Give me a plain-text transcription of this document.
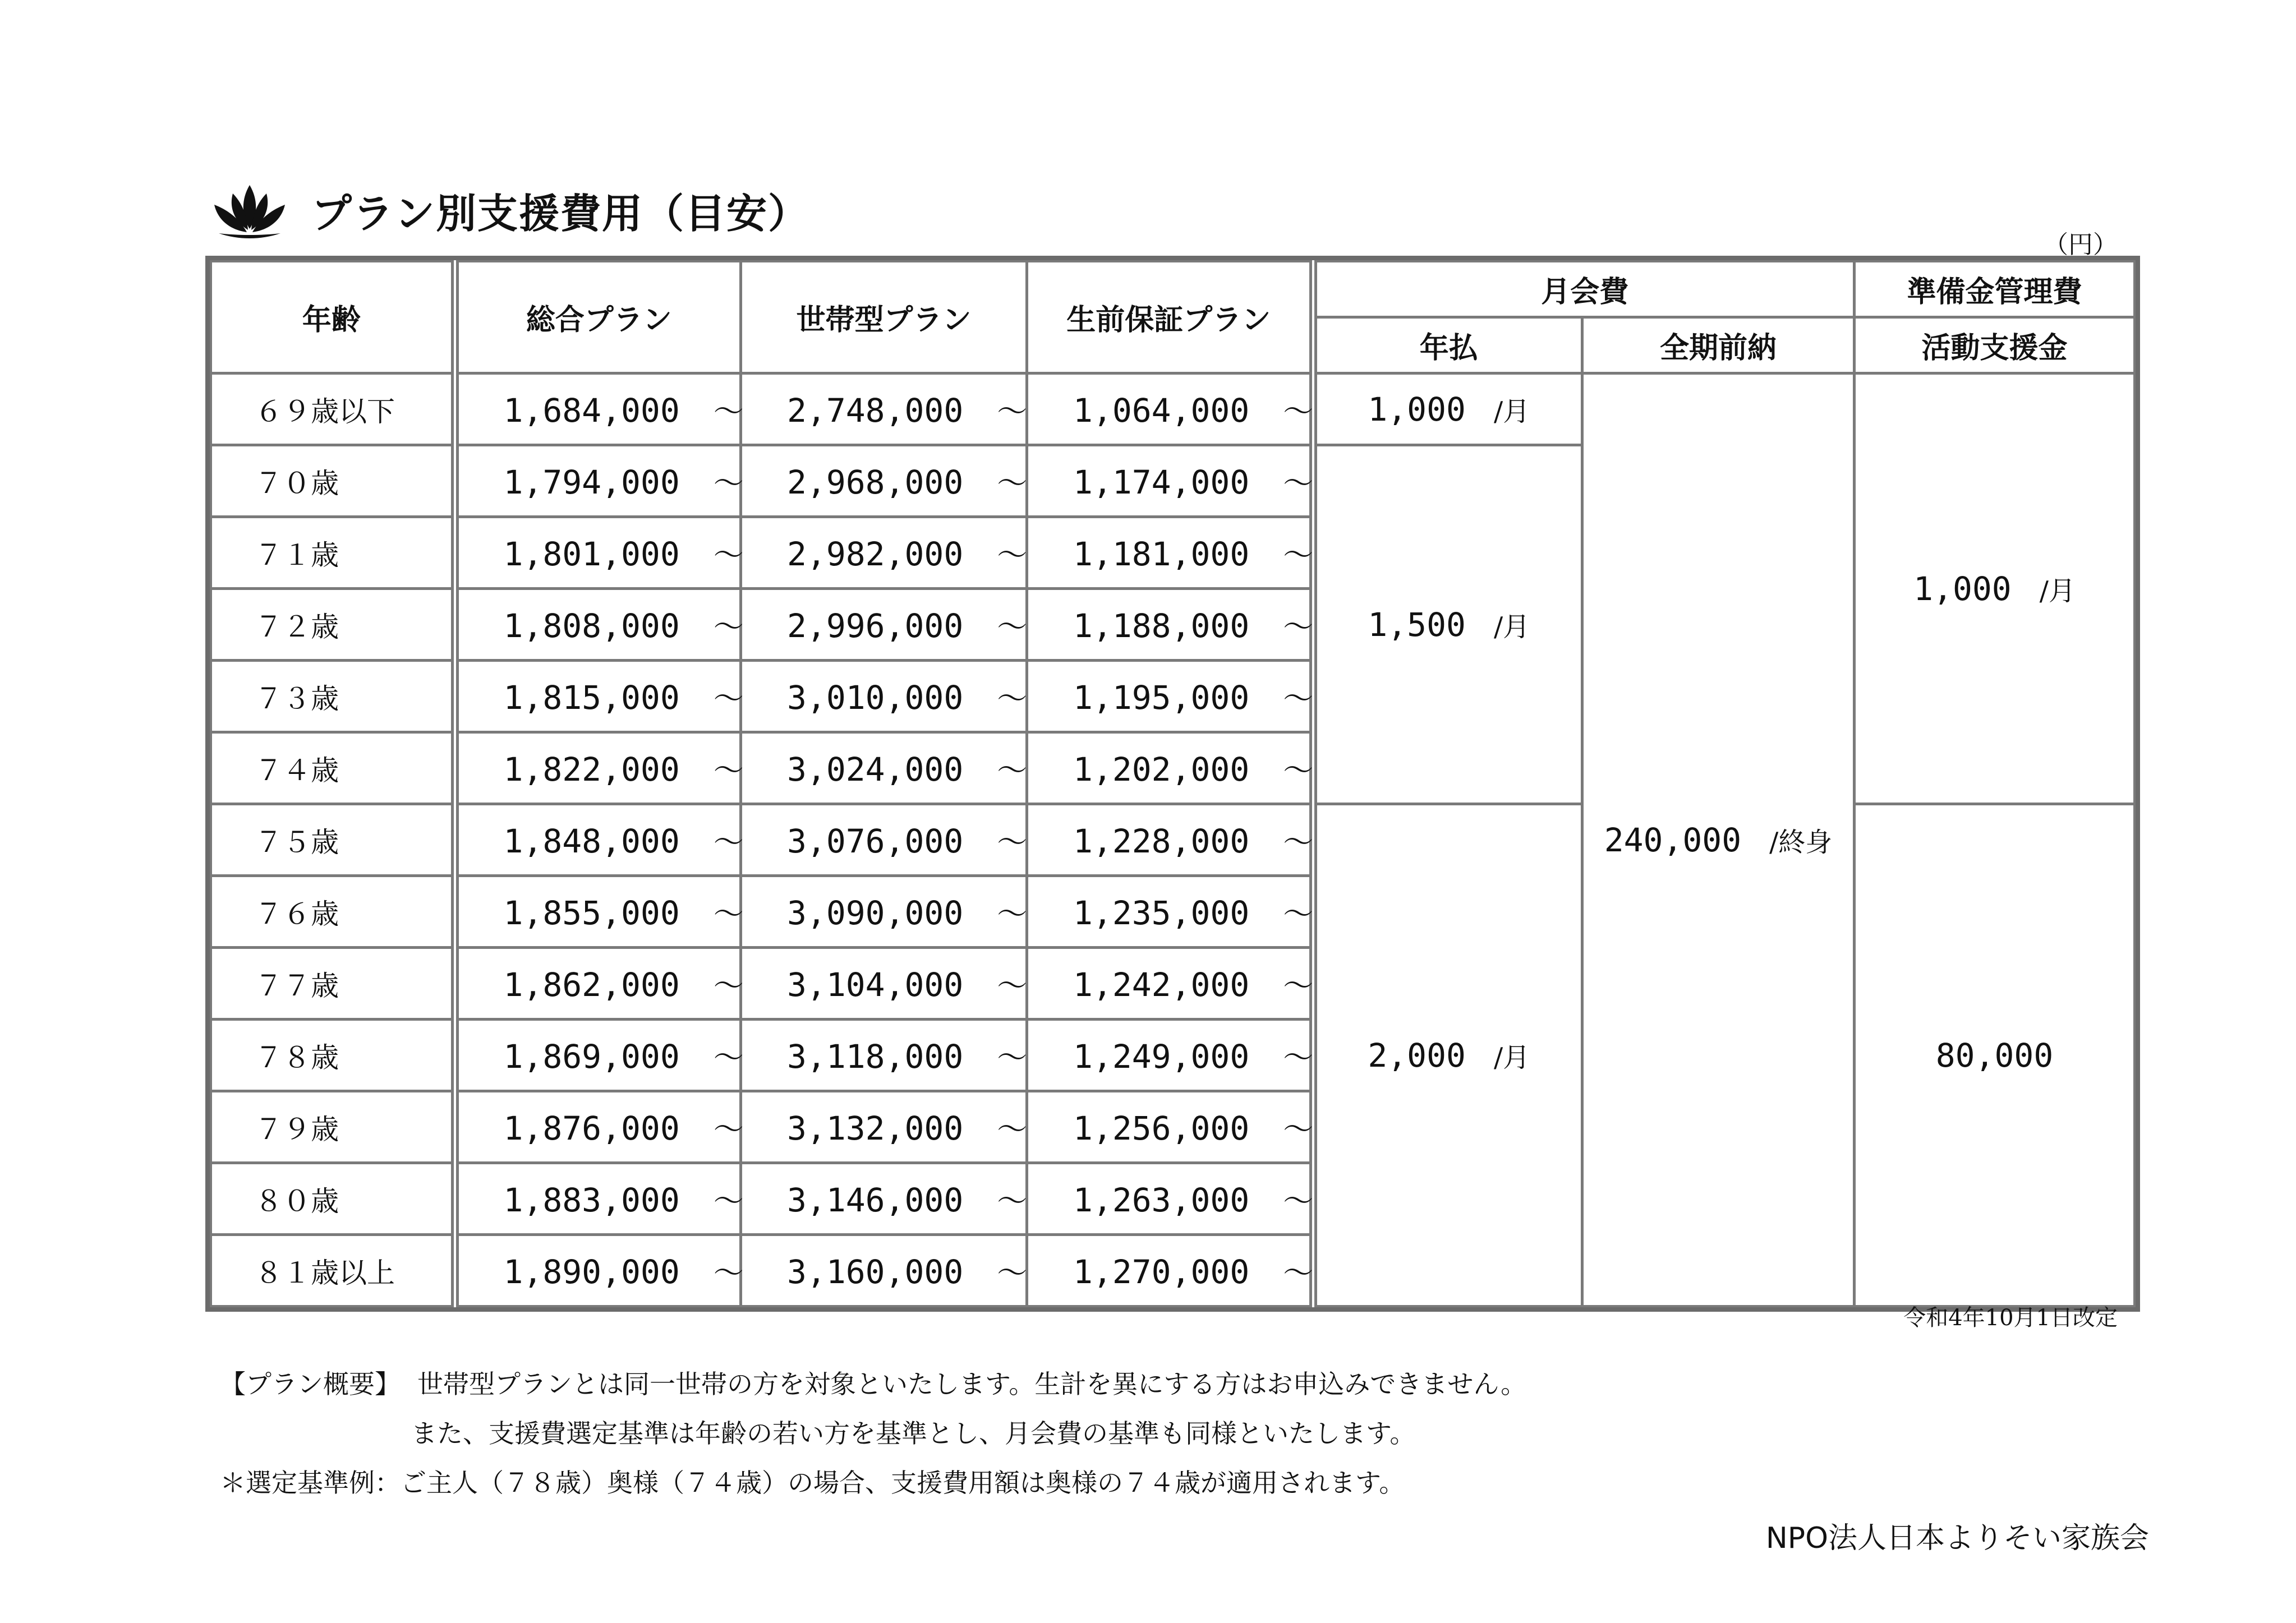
プラン別支援費用（目安）
（円）
年齢	総合プラン	世帯型プラン	生前保証プラン	月会費		準備金管理費
				年払	全期前納	活動支援金
６９歳以下	1,684,000 ～	2,748,000 ～	1,064,000 ～	1,000 /月	240,000 /終身	1,000 /月
７０歳	1,794,000 ～	2,968,000 ～	1,174,000 ～	1,500 /月		
７１歳	1,801,000 ～	2,982,000 ～	1,181,000 ～			
７２歳	1,808,000 ～	2,996,000 ～	1,188,000 ～			
７３歳	1,815,000 ～	3,010,000 ～	1,195,000 ～			
７４歳	1,822,000 ～	3,024,000 ～	1,202,000 ～			
７５歳	1,848,000 ～	3,076,000 ～	1,228,000 ～	2,000 /月		80,000
７６歳	1,855,000 ～	3,090,000 ～	1,235,000 ～			
７７歳	1,862,000 ～	3,104,000 ～	1,242,000 ～			
７８歳	1,869,000 ～	3,118,000 ～	1,249,000 ～			
７９歳	1,876,000 ～	3,132,000 ～	1,256,000 ～			
８０歳	1,883,000 ～	3,146,000 ～	1,263,000 ～			
８１歳以上	1,890,000 ～	3,160,000 ～	1,270,000 ～			
令和4年10月1日改定
【プラン概要】 世帯型プランとは同一世帯の方を対象といたします。生計を異にする方はお申込みできません。
また、支援費選定基準は年齢の若い方を基準とし、月会費の基準も同様といたします。
＊選定基準例：ご主人（７８歳）奥様（７４歳）の場合、支援費用額は奥様の７４歳が適用されます。
NPO法人日本よりそい家族会
